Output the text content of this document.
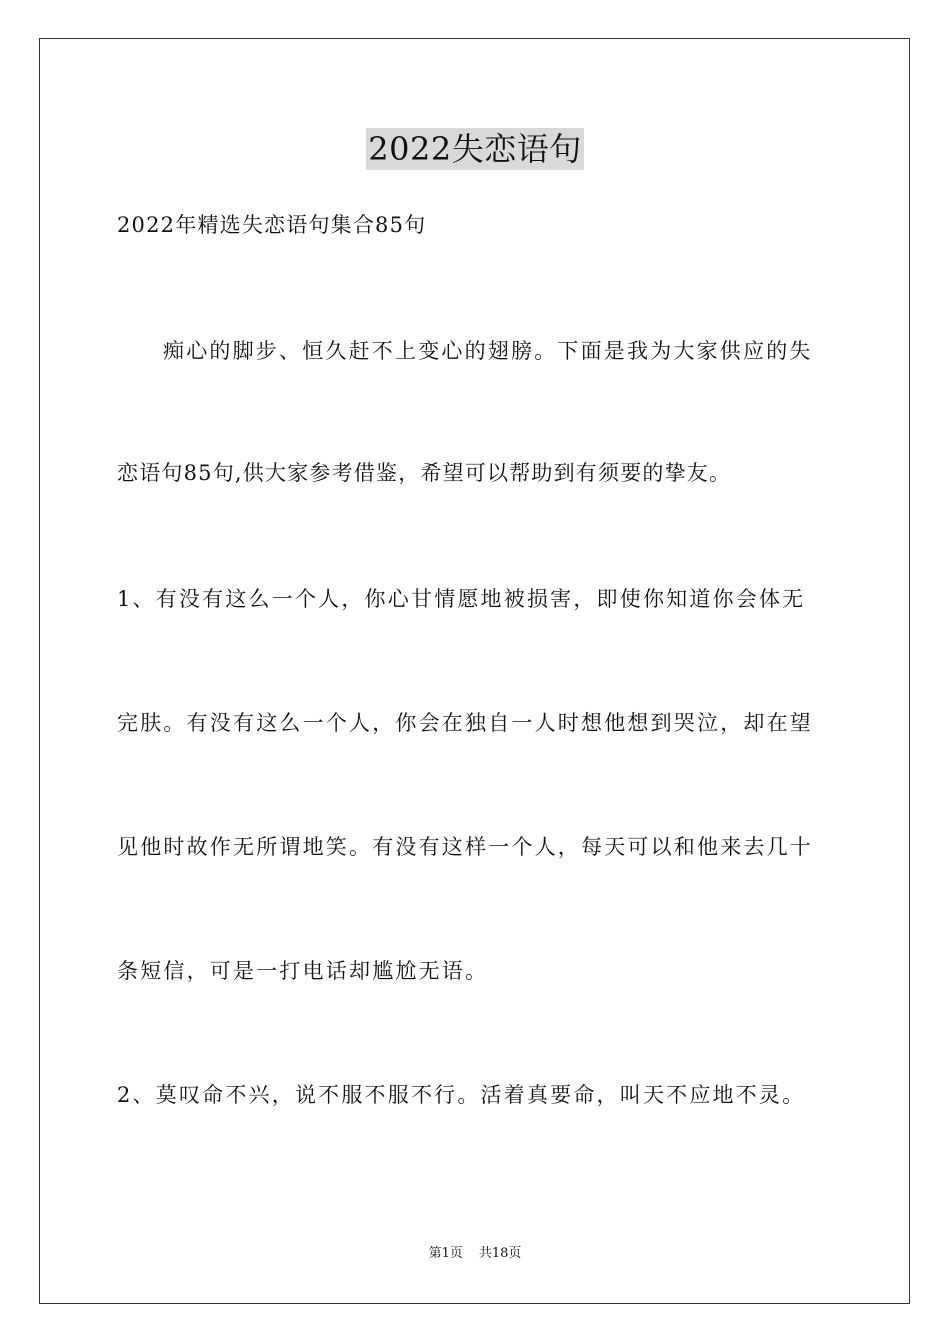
2022失恋语句
2022年精选失恋语句集合85句
痴心的脚步、恒久赶不上变心的翅膀。下面是我为大家供应的失
恋语句85句,供大家参考借鉴，希望可以帮助到有须要的挚友。
1、有没有这么一个人，你心甘情愿地被损害，即使你知道你会体无
完肤。有没有这么一个人，你会在独自一人时想他想到哭泣，却在望
见他时故作无所谓地笑。有没有这样一个人，每天可以和他来去几十
条短信，可是一打电话却尴尬无语。
2、莫叹命不兴，说不服不服不行。活着真要命，叫天不应地不灵。
第1页 共18页
